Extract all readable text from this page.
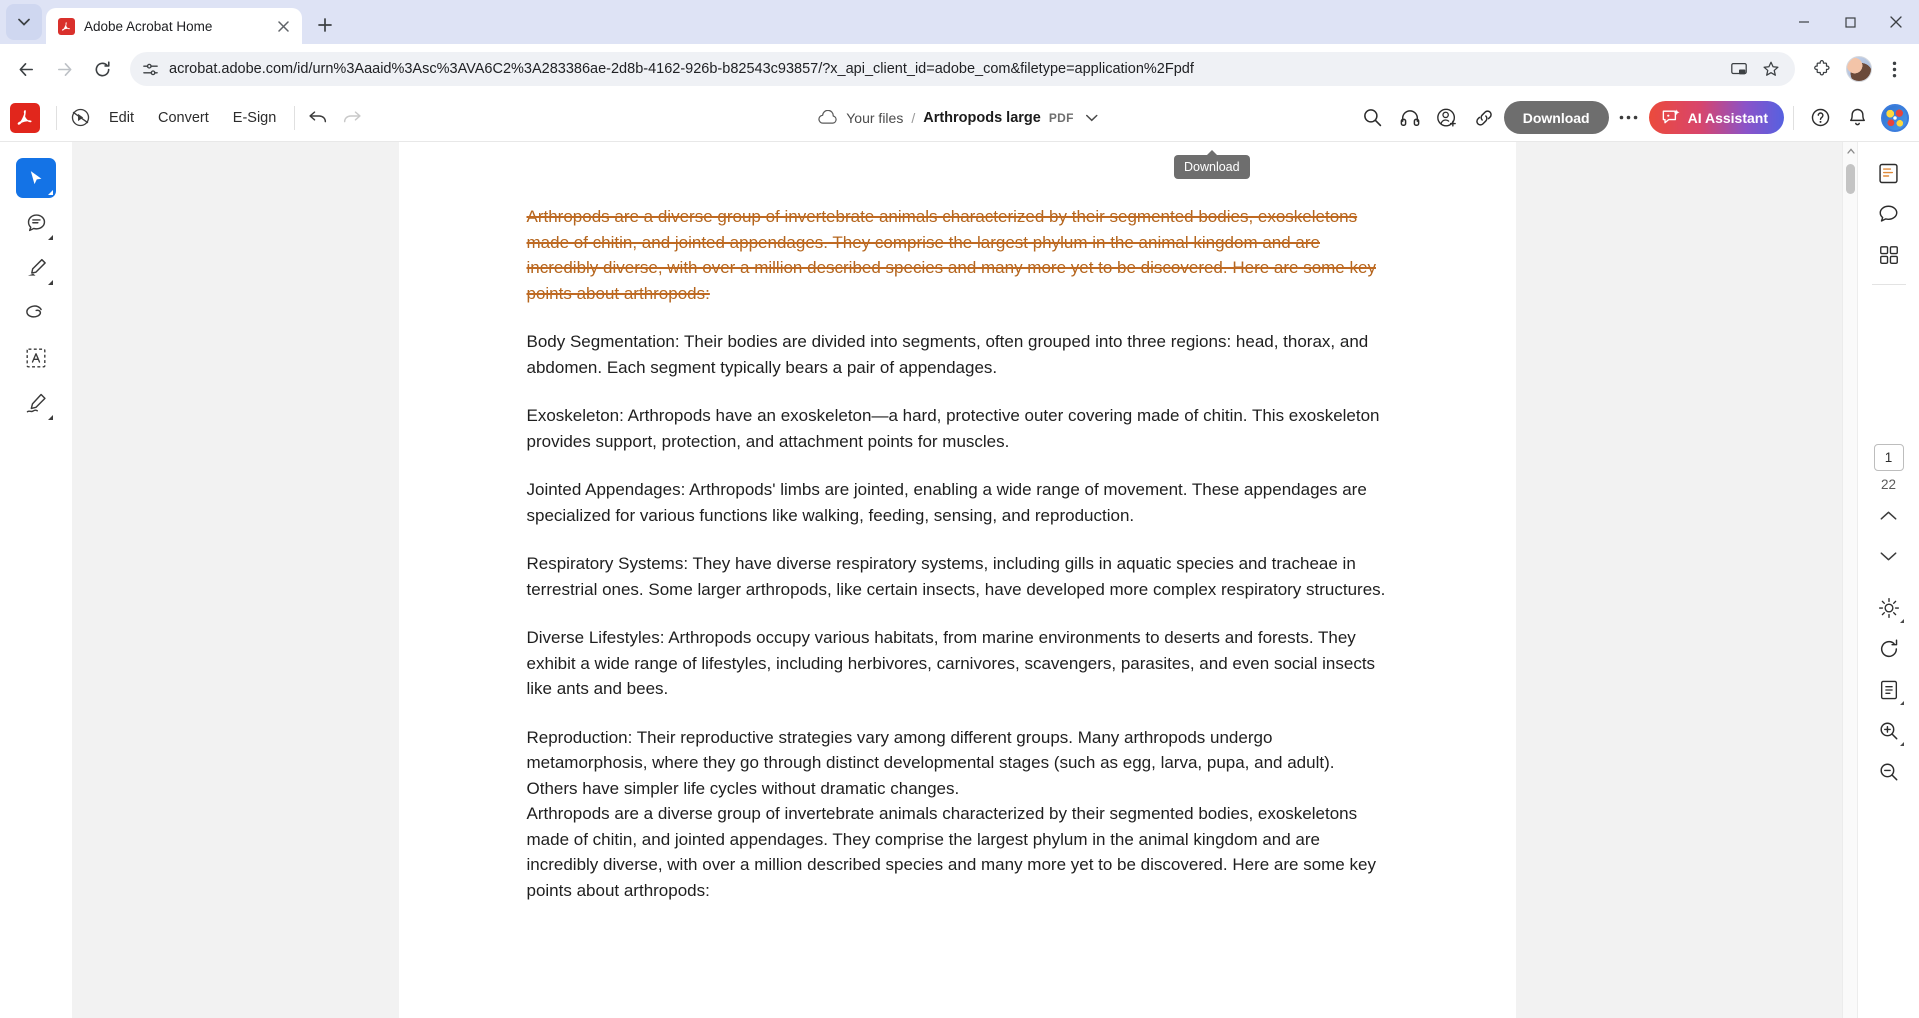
Adobe Acrobat Home
acrobat.adobe.com/id/urn%3Aaaid%3Asc%3AVA6C2%3A283386ae-2d8b-4162-926b-b82543c93857/?x_api_client_id=adobe_com&filetype=application%2Fpdf
Edit	Convert	E-Sign	Your files / Arthropods large PDF	Download	AI Assistant
Download

Arthropods are a diverse group of invertebrate animals characterized by their segmented bodies, exoskeletons made of chitin, and jointed appendages. They comprise the largest phylum in the animal kingdom and are incredibly diverse, with over a million described species and many more yet to be discovered. Here are some key points about arthropods:

Body Segmentation: Their bodies are divided into segments, often grouped into three regions: head, thorax, and abdomen. Each segment typically bears a pair of appendages.

Exoskeleton: Arthropods have an exoskeleton—a hard, protective outer covering made of chitin. This exoskeleton provides support, protection, and attachment points for muscles.

Jointed Appendages: Arthropods' limbs are jointed, enabling a wide range of movement. These appendages are specialized for various functions like walking, feeding, sensing, and reproduction.

Respiratory Systems: They have diverse respiratory systems, including gills in aquatic species and tracheae in terrestrial ones. Some larger arthropods, like certain insects, have developed more complex respiratory structures.

Diverse Lifestyles: Arthropods occupy various habitats, from marine environments to deserts and forests. They exhibit a wide range of lifestyles, including herbivores, carnivores, scavengers, parasites, and even social insects like ants and bees.

Reproduction: Their reproductive strategies vary among different groups. Many arthropods undergo metamorphosis, where they go through distinct developmental stages (such as egg, larva, pupa, and adult). Others have simpler life cycles without dramatic changes.

Arthropods are a diverse group of invertebrate animals characterized by their segmented bodies, exoskeletons made of chitin, and jointed appendages. They comprise the largest phylum in the animal kingdom and are incredibly diverse, with over a million described species and many more yet to be discovered. Here are some key points about arthropods:

1
22
